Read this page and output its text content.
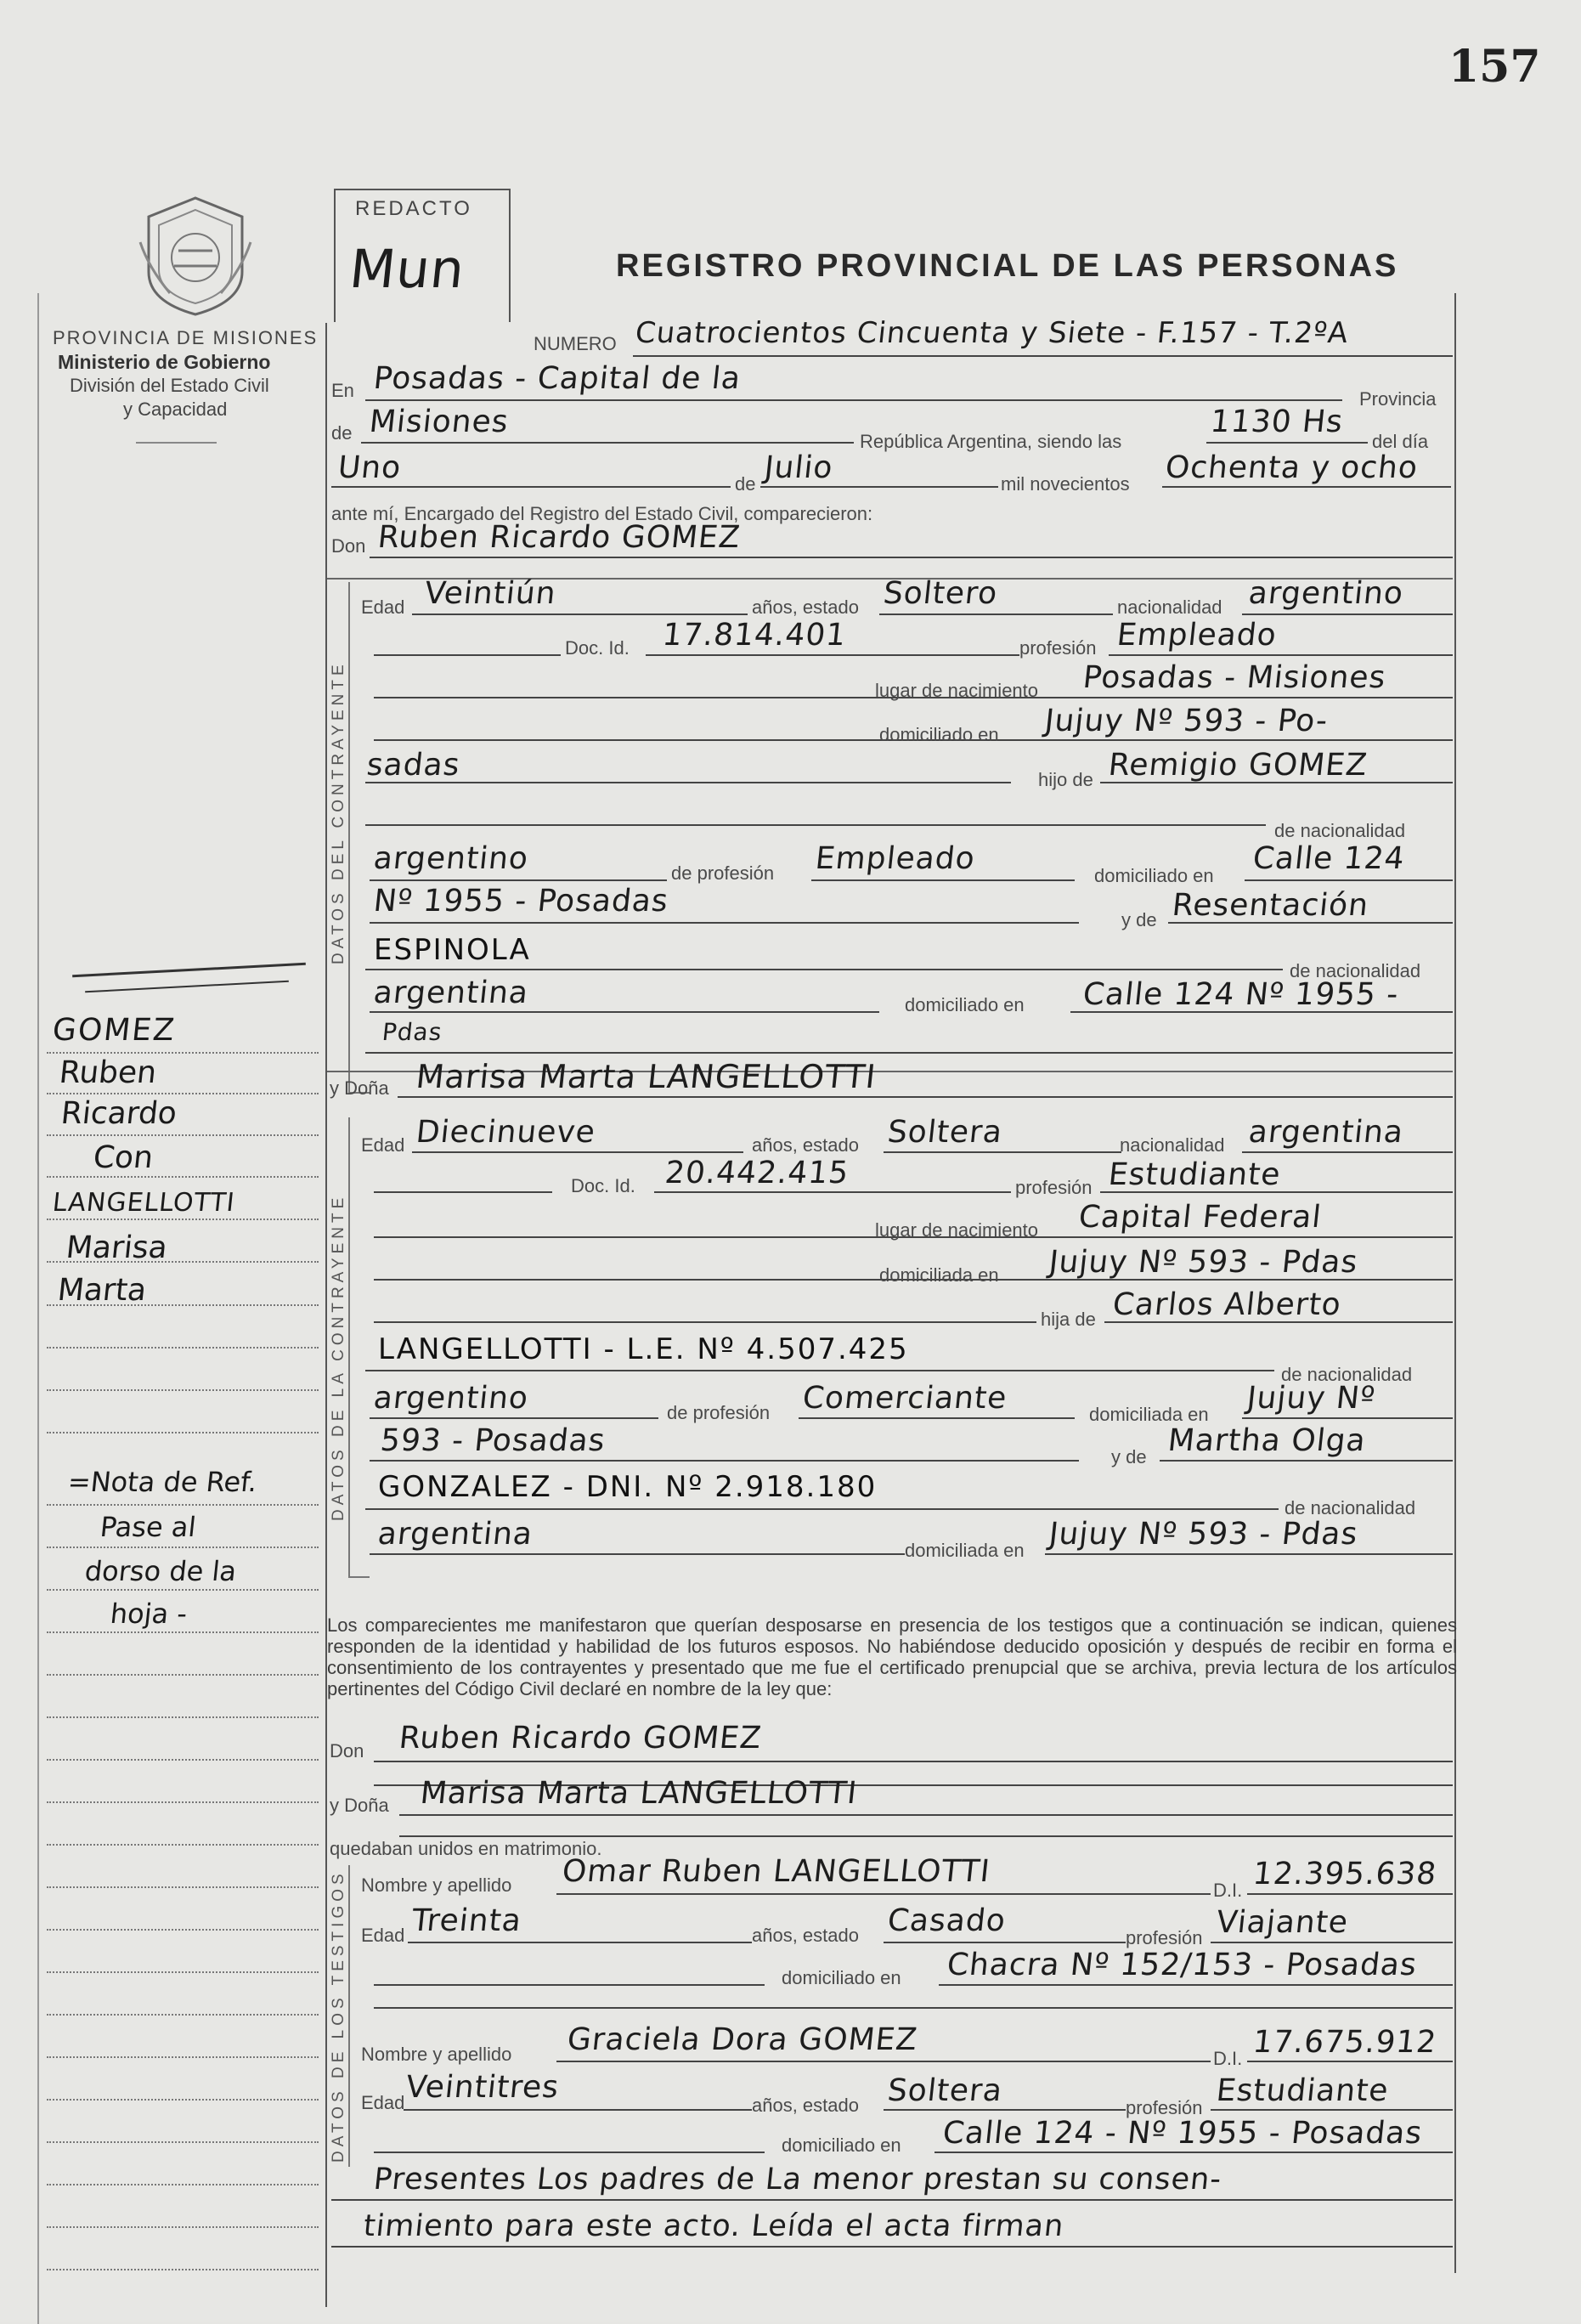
157
PROVINCIA DE MISIONES
Ministerio de Gobierno
División del Estado Civil
y Capacidad
REDACTO
Mun	REGISTRO PROVINCIAL DE LAS PERSONAS
DATOS DEL CONTRAYENTE
DATOS DE LA CONTRAYENTE
DATOS DE LOS TESTIGOS
NUMERO Cuatrocientos Cincuenta y Siete - F.157 - T.2ºA
En Posadas - Capital de la
Provincia
de Misiones
República Argentina, siendo las
1130 Hs
del día
Uno	de Julio	mil novecientos Ochenta y ocho
ante mí, Encargado del Registro del Estado Civil, comparecieron:
Don Ruben Ricardo GOMEZ
Edad Veintiún	años, estado Soltero	nacionalidad argentino
Doc. Id. 17.814.401	profesión Empleado
lugar de nacimiento Posadas - Misiones
domiciliado en Jujuy Nº 593 - Po-
sadas	hijo de Remigio GOMEZ
de nacionalidad
argentino	de profesión Empleado	domiciliado en Calle 124
Nº 1955 - Posadas
y de Resentación
ESPINOLA
de nacionalidad
argentina	domiciliado en Calle 124 Nº 1955 -
Pdas
y Doña Marisa Marta LANGELLOTTI
Edad Diecinueve	años, estado Soltera	nacionalidad argentina
Doc. Id. 20.442.415	profesión Estudiante
lugar de nacimiento Capital Federal
domiciliada en Jujuy Nº 593 - Pdas
hija de Carlos Alberto
LANGELLOTTI - L.E. Nº 4.507.425
de nacionalidad
argentino	de profesión Comerciante	domiciliada en Jujuy Nº
593 - Posadas	y de Martha Olga
GONZALEZ - DNI. Nº 2.918.180
de nacionalidad
argentina	domiciliada en Jujuy Nº 593 - Pdas
Los comparecientes me manifestaron que querían desposarse en presencia de los testigos que a continuación se indican, quienes responden de la identidad y habilidad de los futuros esposos. No habiéndose deducido oposición y después de recibir en forma el consentimiento de los contrayentes y presentado que me fue el certificado prenupcial que se archiva, previa lectura de los artículos pertinentes del Código Civil declaré en nombre de la ley que:
Don Ruben Ricardo GOMEZ
y Doña Marisa Marta LANGELLOTTI
quedaban unidos en matrimonio.
Nombre y apellido Omar Ruben LANGELLOTTI
D.I. 12.395.638
Edad Treinta	años, estado Casado	profesión Viajante
domiciliado en Chacra Nº 152/153 - Posadas
Nombre y apellido Graciela Dora GOMEZ
D.I. 17.675.912
Edad Veintitres
años, estado Soltera	profesión Estudiante
domiciliado en Calle 124 - Nº 1955 - Posadas
Presentes Los padres de La menor prestan su consen-
timiento para este acto. Leída el acta firman
GOMEZ
Ruben
Ricardo
Con
LANGELLOTTI
Marisa
Marta
=Nota de Ref.
Pase al
dorso de la
hoja -
